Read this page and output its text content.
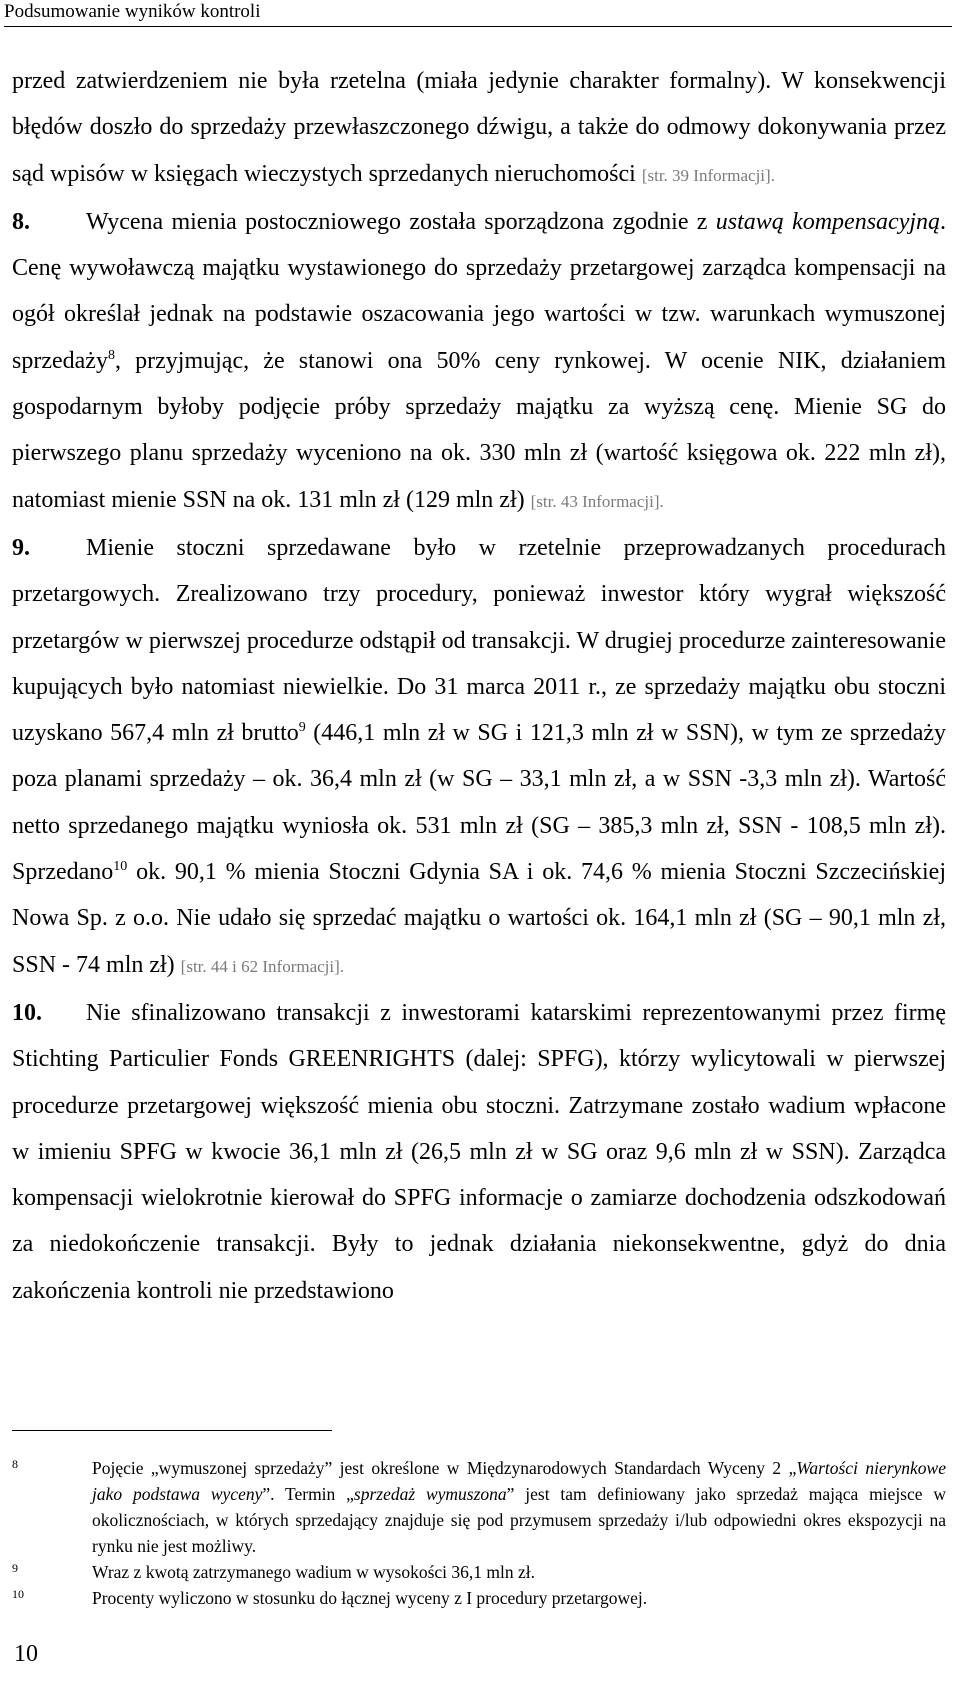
Podsumowanie wyników kontroli

przed zatwierdzeniem nie była rzetelna (miała jedynie charakter formalny). W konsekwencji błędów doszło do sprzedaży przewłaszczonego dźwigu, a także do odmowy dokonywania przez sąd wpisów w księgach wieczystych sprzedanych nieruchomości [str. 39 Informacji].

8. Wycena mienia postoczniowego została sporządzona zgodnie z ustawą kompensacyjną. Cenę wywoławczą majątku wystawionego do sprzedaży przetargowej zarządca kompensacji na ogół określał jednak na podstawie oszacowania jego wartości w tzw. warunkach wymuszonej sprzedaży$^8$, przyjmując, że stanowi ona 50% ceny rynkowej. W ocenie NIK, działaniem gospodarnym byłoby podjęcie próby sprzedaży majątku za wyższą cenę. Mienie SG do pierwszego planu sprzedaży wyceniono na ok. 330 mln zł (wartość księgowa ok. 222 mln zł), natomiast mienie SSN na ok. 131 mln zł (129 mln zł) [str. 43 Informacji].

9. Mienie stoczni sprzedawane było w rzetelnie przeprowadzanych procedurach przetargowych. Zrealizowano trzy procedury, ponieważ inwestor który wygrał większość przetargów w pierwszej procedurze odstąpił od transakcji. W drugiej procedurze zainteresowanie kupujących było natomiast niewielkie. Do 31 marca 2011 r., ze sprzedaży majątku obu stoczni uzyskano 567,4 mln zł brutto$^9$ (446,1 mln zł w SG i 121,3 mln zł w SSN), w tym ze sprzedaży poza planami sprzedaży – ok. 36,4 mln zł (w SG – 33,1 mln zł, a w SSN -3,3 mln zł). Wartość netto sprzedanego majątku wyniosła ok. 531 mln zł (SG – 385,3 mln zł, SSN - 108,5 mln zł). Sprzedano$^{10}$ ok. 90,1 % mienia Stoczni Gdynia SA i ok. 74,6 % mienia Stoczni Szczecińskiej Nowa Sp. z o.o. Nie udało się sprzedać majątku o wartości ok. 164,1 mln zł (SG – 90,1 mln zł, SSN - 74 mln zł) [str. 44 i 62 Informacji].

10. Nie sfinalizowano transakcji z inwestorami katarskimi reprezentowanymi przez firmę Stichting Particulier Fonds GREENRIGHTS (dalej: SPFG), którzy wylicytowali w pierwszej procedurze przetargowej większość mienia obu stoczni. Zatrzymane zostało wadium wpłacone w imieniu SPFG w kwocie 36,1 mln zł (26,5 mln zł w SG oraz 9,6 mln zł w SSN). Zarządca kompensacji wielokrotnie kierował do SPFG informacje o zamiarze dochodzenia odszkodowań za niedokończenie transakcji. Były to jednak działania niekonsekwentne, gdyż do dnia zakończenia kontroli nie przedstawiono

8	Pojęcie „wymuszonej sprzedaży” jest określone w Międzynarodowych Standardach Wyceny 2 „Wartości nierynkowe jako podstawa wyceny”. Termin „sprzedaż wymuszona” jest tam definiowany jako sprzedaż mająca miejsce w okolicznościach, w których sprzedający znajduje się pod przymusem sprzedaży i/lub odpowiedni okres ekspozycji na rynku nie jest możliwy.
9	Wraz z kwotą zatrzymanego wadium w wysokości 36,1 mln zł.
10	Procenty wyliczono w stosunku do łącznej wyceny z I procedury przetargowej.
10
